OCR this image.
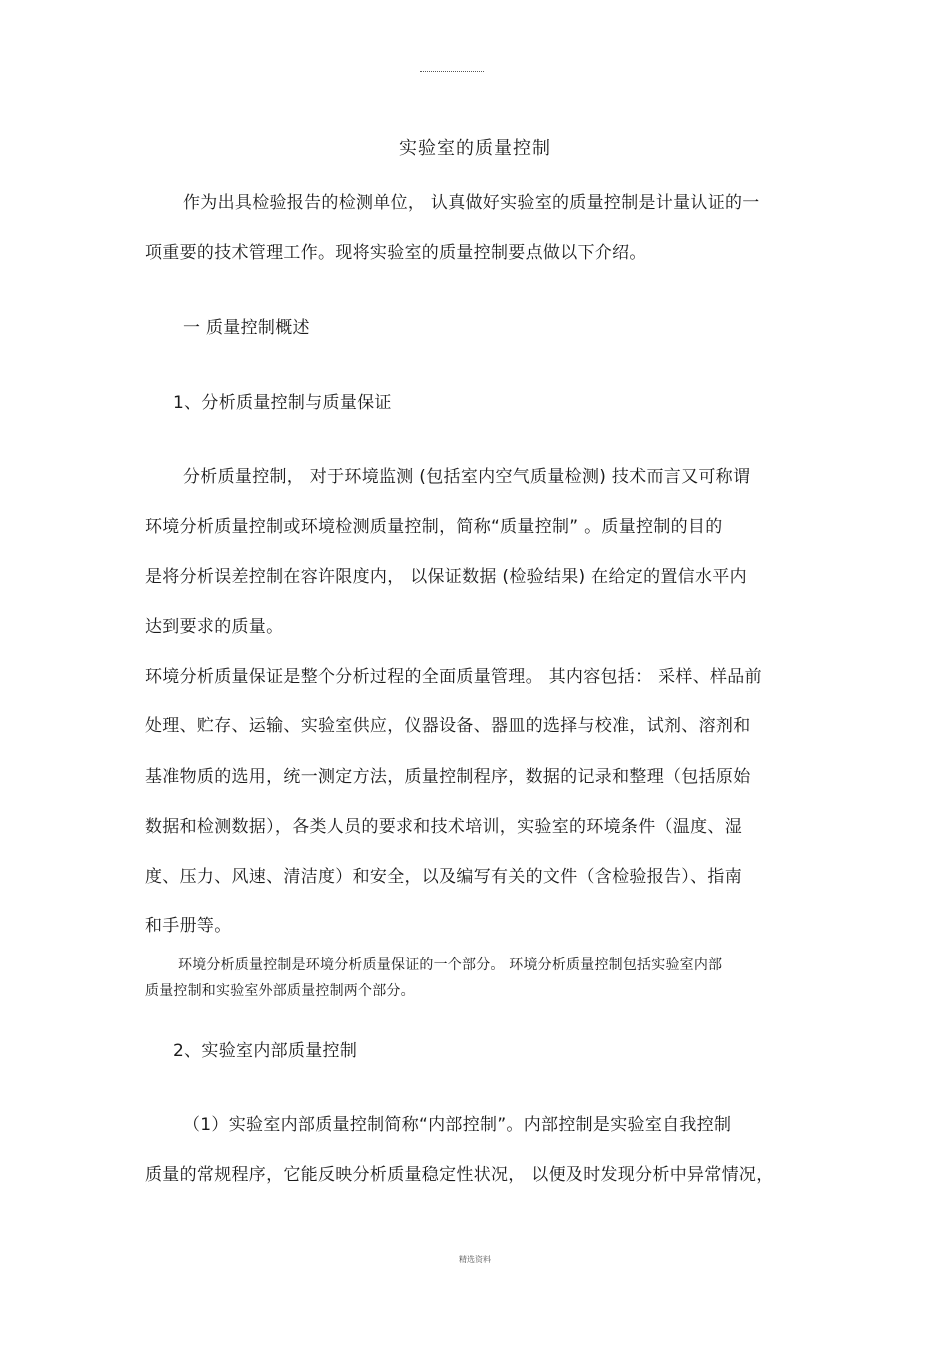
实验室的质量控制
作为出具检验报告的检测单位， 认真做好实验室的质量控制是计量认证的一
项重要的技术管理工作。现将实验室的质量控制要点做以下介绍。
一 质量控制概述
1、分析质量控制与质量保证
分析质量控制， 对于环境监测 (包括室内空气质量检测) 技术而言又可称谓
环境分析质量控制或环境检测质量控制，简称“质量控制” 。质量控制的目的
是将分析误差控制在容许限度内， 以保证数据 (检验结果) 在给定的置信水平内
达到要求的质量。
环境分析质量保证是整个分析过程的全面质量管理。 其内容包括： 采样、样品前
处理、贮存、运输、实验室供应，仪器设备、器皿的选择与校准，试剂、溶剂和
基准物质的选用，统一测定方法，质量控制程序，数据的记录和整理（包括原始
数据和检测数据），各类人员的要求和技术培训，实验室的环境条件（温度、湿
度、压力、风速、清洁度）和安全，以及编写有关的文件（含检验报告）、指南
和手册等。
环境分析质量控制是环境分析质量保证的一个部分。 环境分析质量控制包括实验室内部
质量控制和实验室外部质量控制两个部分。
2、实验室内部质量控制
（1）实验室内部质量控制简称“内部控制”。内部控制是实验室自我控制
质量的常规程序，它能反映分析质量稳定性状况， 以便及时发现分析中异常情况，
精选资料
